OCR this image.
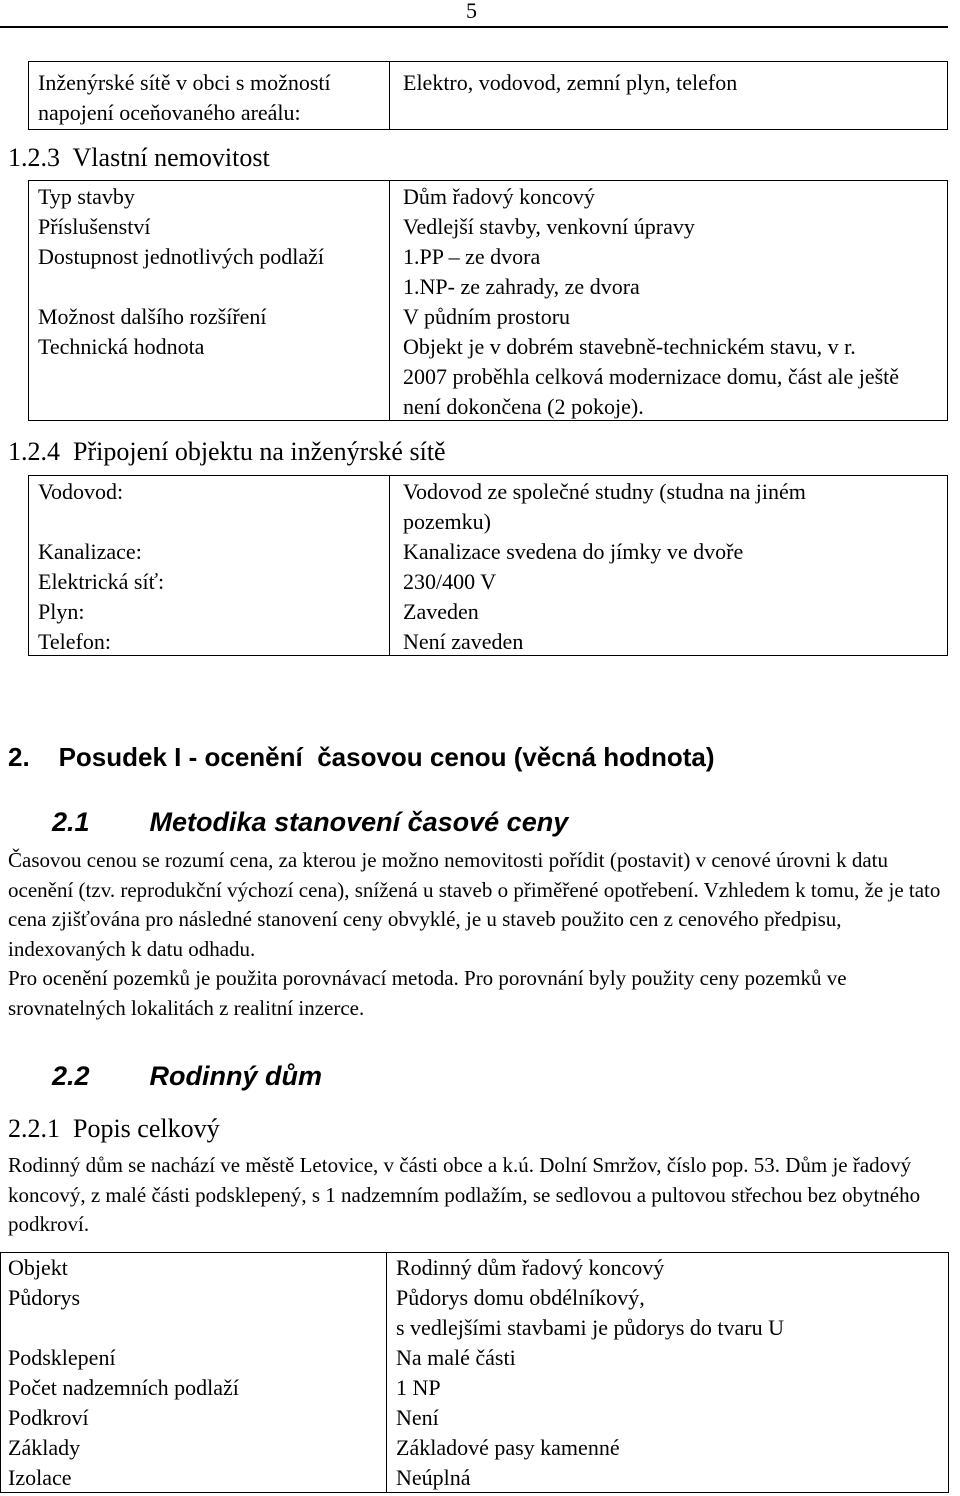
5
Inženýrské sítě v obci s možností napojení oceňovaného areálu:
Elektro, vodovod, zemní plyn, telefon
1.2.3  Vlastní nemovitost
Typ stavby	Dům řadový koncový
Příslušenství	Vedlejší stavby, venkovní úpravy
Dostupnost jednotlivých podlaží	1.PP – ze dvora
1.NP- ze zahrady, ze dvora
Možnost dalšího rozšíření	V půdním prostoru
Technická hodnota	Objekt je v dobrém stavebně-technickém stavu, v r. 2007 proběhla celková modernizace domu, část ale ještě není dokončena (2 pokoje).
1.2.4  Připojení objektu na inženýrské sítě
Vodovod:	Vodovod ze společné studny (studna na jiném pozemku)
Kanalizace:	Kanalizace svedena do jímky ve dvoře
Elektrická síť:	230/400 V
Plyn:	Zaveden
Telefon:	Není zaveden
2.    Posudek I - ocenění  časovou cenou (věcná hodnota)
2.1 Metodika stanovení časové ceny
Časovou cenou se rozumí cena, za kterou je možno nemovitosti pořídit (postavit) v cenové úrovni k datu ocenění (tzv. reprodukční výchozí cena), snížená u staveb o přiměřené opotřebení. Vzhledem k tomu, že je tato cena zjišťována pro následné stanovení ceny obvyklé, je u staveb použito cen z cenového předpisu, indexovaných k datu odhadu.
Pro ocenění pozemků je použita porovnávací metoda. Pro porovnání byly použity ceny pozemků ve srovnatelných lokalitách z realitní inzerce.
2.2 Rodinný dům
2.2.1  Popis celkový
Rodinný dům se nachází ve městě Letovice, v části obce a k.ú. Dolní Smržov, číslo pop. 53. Dům je řadový koncový, z malé části podsklepený, s 1 nadzemním podlažím, se sedlovou a pultovou střechou bez obytného podkroví.
Objekt	Rodinný dům řadový koncový
Půdorys	Půdorys domu obdélníkový,
s vedlejšími stavbami je půdorys do tvaru U
Podsklepení	Na malé části
Počet nadzemních podlaží	1 NP
Podkroví	Není
Základy	Základové pasy kamenné
Izolace	Neúplná
